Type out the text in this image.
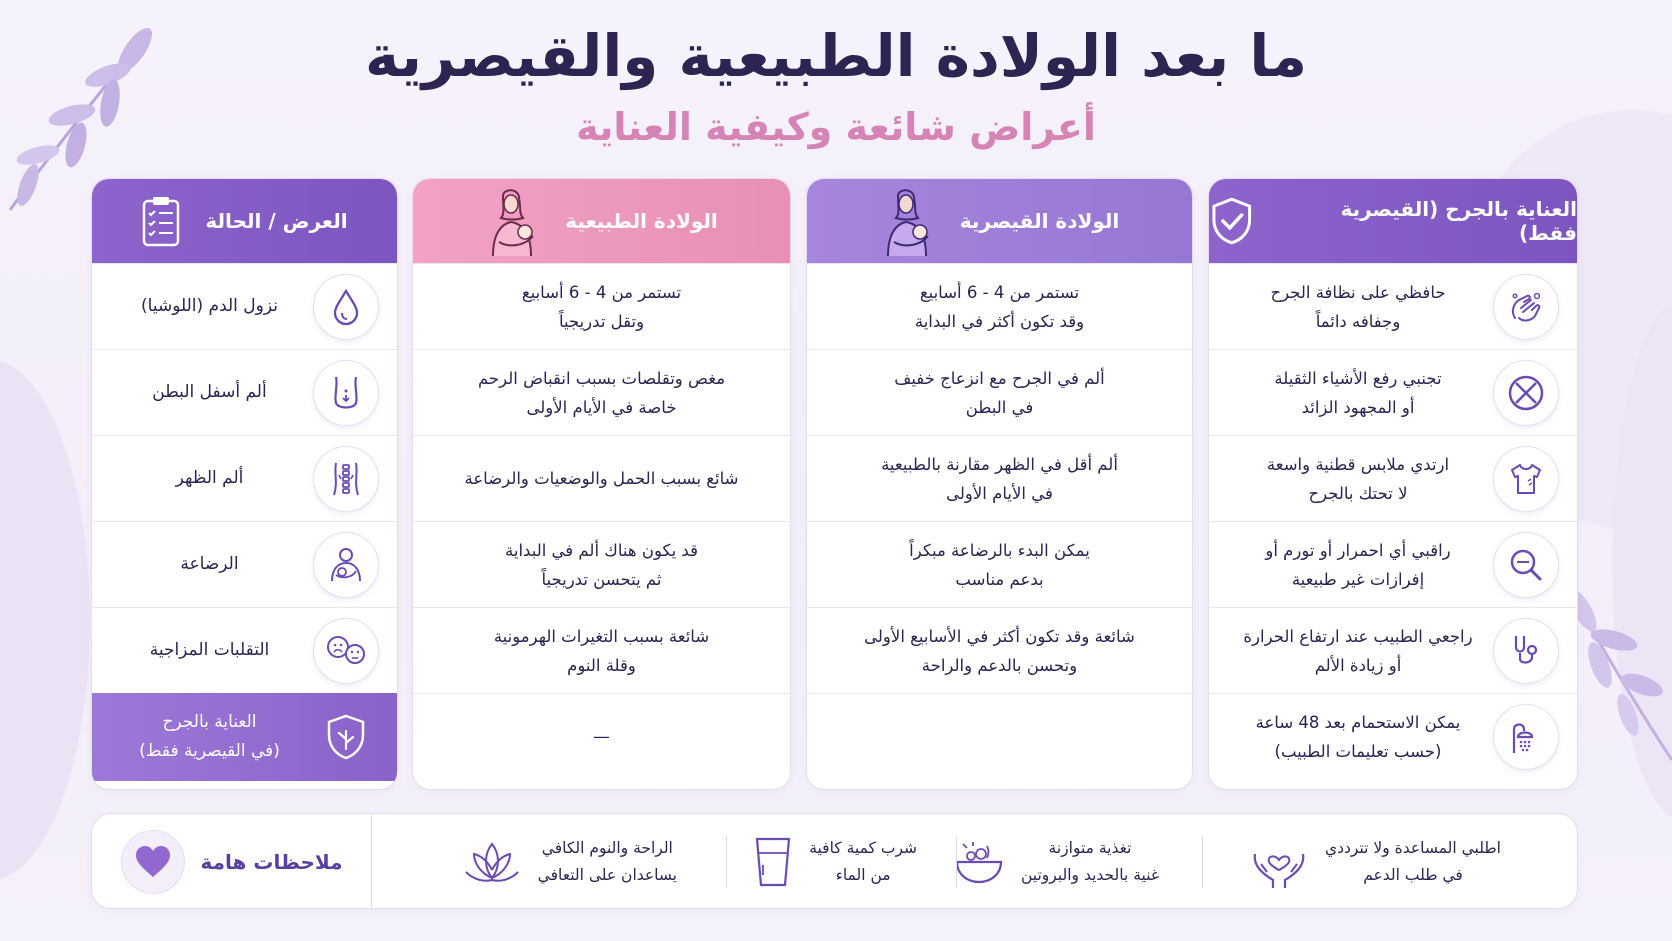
ما بعد الولادة الطبيعية والقيصرية
أعراض شائعة وكيفية العناية
العناية بالجرح (القيصرية فقط)
حافظي على نظافة الجرح
وجفافه دائماً
تجنبي رفع الأشياء الثقيلة
أو المجهود الزائد
ارتدي ملابس قطنية واسعة
لا تحتك بالجرح
راقبي أي احمرار أو تورم أو
إفرازات غير طبيعية
راجعي الطبيب عند ارتفاع الحرارة
أو زيادة الألم
يمكن الاستحمام بعد 48 ساعة
(حسب تعليمات الطبيب)
الولادة القيصرية
تستمر من 4 - 6 أسابيع
وقد تكون أكثر في البداية
ألم في الجرح مع انزعاج خفيف
في البطن
ألم أقل في الظهر مقارنة بالطبيعية
في الأيام الأولى
يمكن البدء بالرضاعة مبكراً
بدعم مناسب
شائعة وقد تكون أكثر في الأسابيع الأولى
وتحسن بالدعم والراحة
الولادة الطبيعية
تستمر من 4 - 6 أسابيع
وتقل تدريجياً
مغص وتقلصات بسبب انقباض الرحم
خاصة في الأيام الأولى
شائع بسبب الحمل والوضعيات والرضاعة
قد يكون هناك ألم في البداية
ثم يتحسن تدريجياً
شائعة بسبب التغيرات الهرمونية
وقلة النوم
—
العرض / الحالة
نزول الدم (اللوشيا)
ألم أسفل البطن
ألم الظهر
الرضاعة
التقلبات المزاجية
العناية بالجرح
(في القيصرية فقط)
اطلبي المساعدة ولا تترددي
في طلب الدعم
تغذية متوازنة
غنية بالحديد والبروتين
شرب كمية كافية
من الماء
الراحة والنوم الكافي
يساعدان على التعافي
ملاحظات هامة
